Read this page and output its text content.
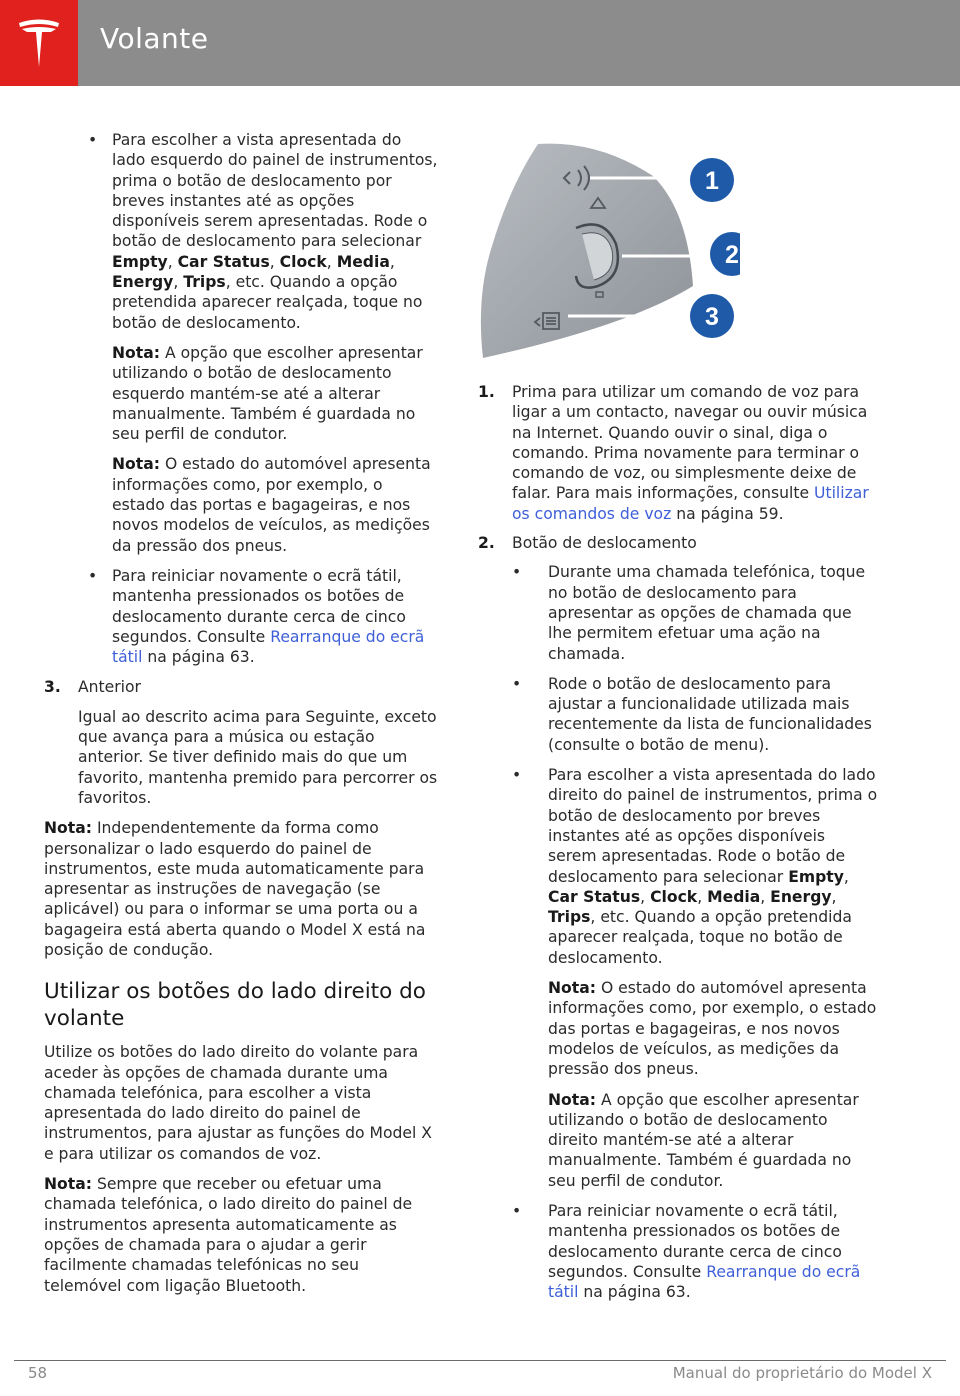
Volante

• Para escolher a vista apresentada do lado esquerdo do painel de instrumentos, prima o botão de deslocamento por breves instantes até as opções disponíveis serem apresentadas. Rode o botão de deslocamento para selecionar Empty, Car Status, Clock, Media, Energy, Trips, etc. Quando a opção pretendida aparecer realçada, toque no botão de deslocamento.

Nota: A opção que escolher apresentar utilizando o botão de deslocamento esquerdo mantém-se até a alterar manualmente. Também é guardada no seu perfil de condutor.

Nota: O estado do automóvel apresenta informações como, por exemplo, o estado das portas e bagageiras, e nos novos modelos de veículos, as medições da pressão dos pneus.

• Para reiniciar novamente o ecrã tátil, mantenha pressionados os botões de deslocamento durante cerca de cinco segundos. Consulte Rearranque do ecrã tátil na página 63.

3. Anterior

Igual ao descrito acima para Seguinte, exceto que avança para a música ou estação anterior. Se tiver definido mais do que um favorito, mantenha premido para percorrer os favoritos.

Nota: Independentemente da forma como personalizar o lado esquerdo do painel de instrumentos, este muda automaticamente para apresentar as instruções de navegação (se aplicável) ou para o informar se uma porta ou a bagageira está aberta quando o Model X está na posição de condução.

Utilizar os botões do lado direito do volante

Utilize os botões do lado direito do volante para aceder às opções de chamada durante uma chamada telefónica, para escolher a vista apresentada do lado direito do painel de instrumentos, para ajustar as funções do Model X e para utilizar os comandos de voz.

Nota: Sempre que receber ou efetuar uma chamada telefónica, o lado direito do painel de instrumentos apresenta automaticamente as opções de chamada para o ajudar a gerir facilmente chamadas telefónicas no seu telemóvel com ligação Bluetooth.

1
2
3

1. Prima para utilizar um comando de voz para ligar a um contacto, navegar ou ouvir música na Internet. Quando ouvir o sinal, diga o comando. Prima novamente para terminar o comando de voz, ou simplesmente deixe de falar. Para mais informações, consulte Utilizar os comandos de voz na página 59.

2. Botão de deslocamento

• Durante uma chamada telefónica, toque no botão de deslocamento para apresentar as opções de chamada que lhe permitem efetuar uma ação na chamada.

• Rode o botão de deslocamento para ajustar a funcionalidade utilizada mais recentemente da lista de funcionalidades (consulte o botão de menu).

• Para escolher a vista apresentada do lado direito do painel de instrumentos, prima o botão de deslocamento por breves instantes até as opções disponíveis serem apresentadas. Rode o botão de deslocamento para selecionar Empty, Car Status, Clock, Media, Energy, Trips, etc. Quando a opção pretendida aparecer realçada, toque no botão de deslocamento.

Nota: O estado do automóvel apresenta informações como, por exemplo, o estado das portas e bagageiras, e nos novos modelos de veículos, as medições da pressão dos pneus.

Nota: A opção que escolher apresentar utilizando o botão de deslocamento direito mantém-se até a alterar manualmente. Também é guardada no seu perfil de condutor.

• Para reiniciar novamente o ecrã tátil, mantenha pressionados os botões de deslocamento durante cerca de cinco segundos. Consulte Rearranque do ecrã tátil na página 63.

58	Manual do proprietário do Model X
